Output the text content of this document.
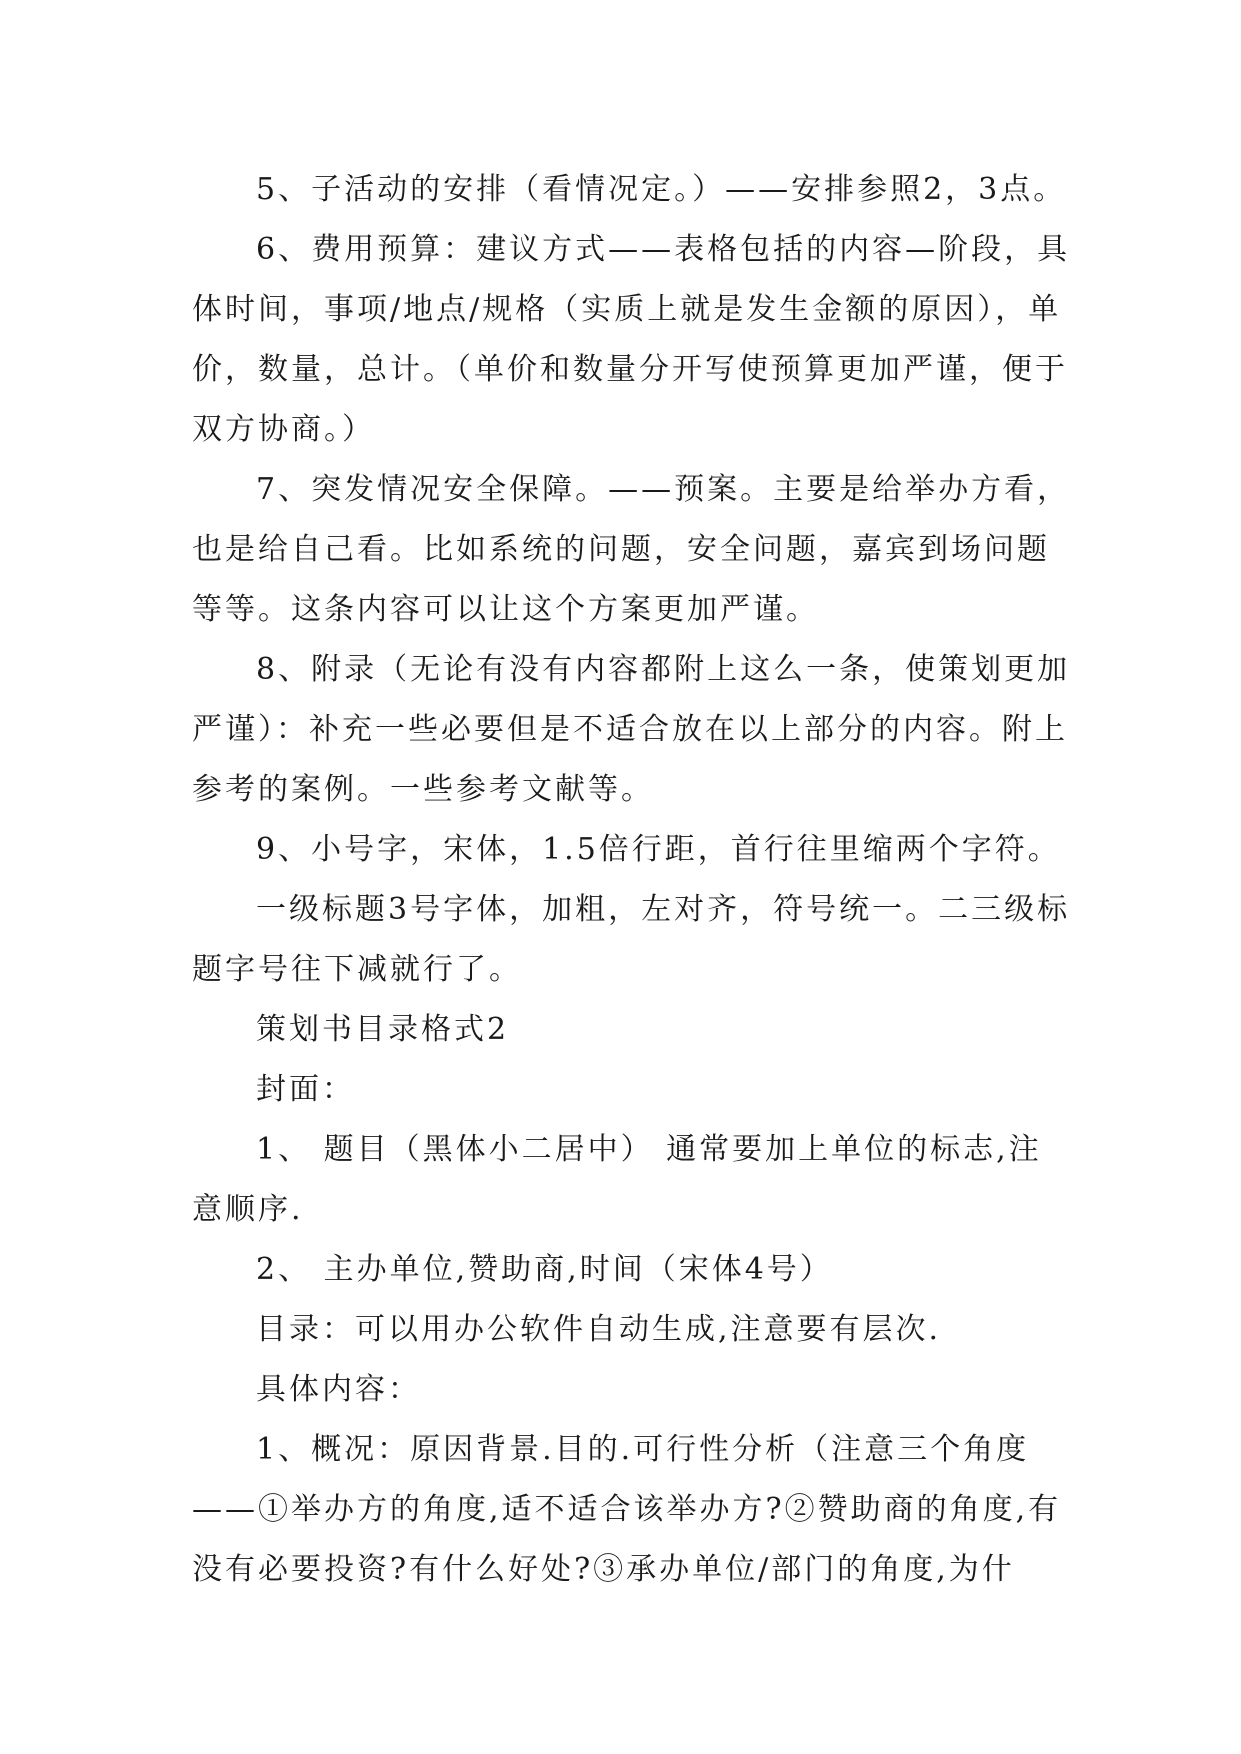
5、子活动的安排（看情况定。）——安排参照2，3点。

6、费用预算：建议方式——表格包括的内容—阶段，具体时间，事项/地点/规格（实质上就是发生金额的原因），单价，数量，总计。（单价和数量分开写使预算更加严谨，便于双方协商。）

7、突发情况安全保障。——预案。主要是给举办方看，也是给自己看。比如系统的问题，安全问题，嘉宾到场问题等等。这条内容可以让这个方案更加严谨。

8、附录（无论有没有内容都附上这么一条，使策划更加严谨）：补充一些必要但是不适合放在以上部分的内容。附上参考的案例。一些参考文献等。

9、小号字，宋体，1.5倍行距，首行往里缩两个字符。

一级标题3号字体，加粗，左对齐，符号统一。二三级标题字号往下减就行了。

策划书目录格式2

封面：

1、 题目（黑体小二居中） 通常要加上单位的标志,注意顺序.

2、 主办单位,赞助商,时间（宋体4号）

目录：可以用办公软件自动生成,注意要有层次.

具体内容：

1、概况：原因背景.目的.可行性分析（注意三个角度——①举办方的角度,适不适合该举办方?②赞助商的角度,有没有必要投资?有什么好处?③承办单位/部门的角度,为什
